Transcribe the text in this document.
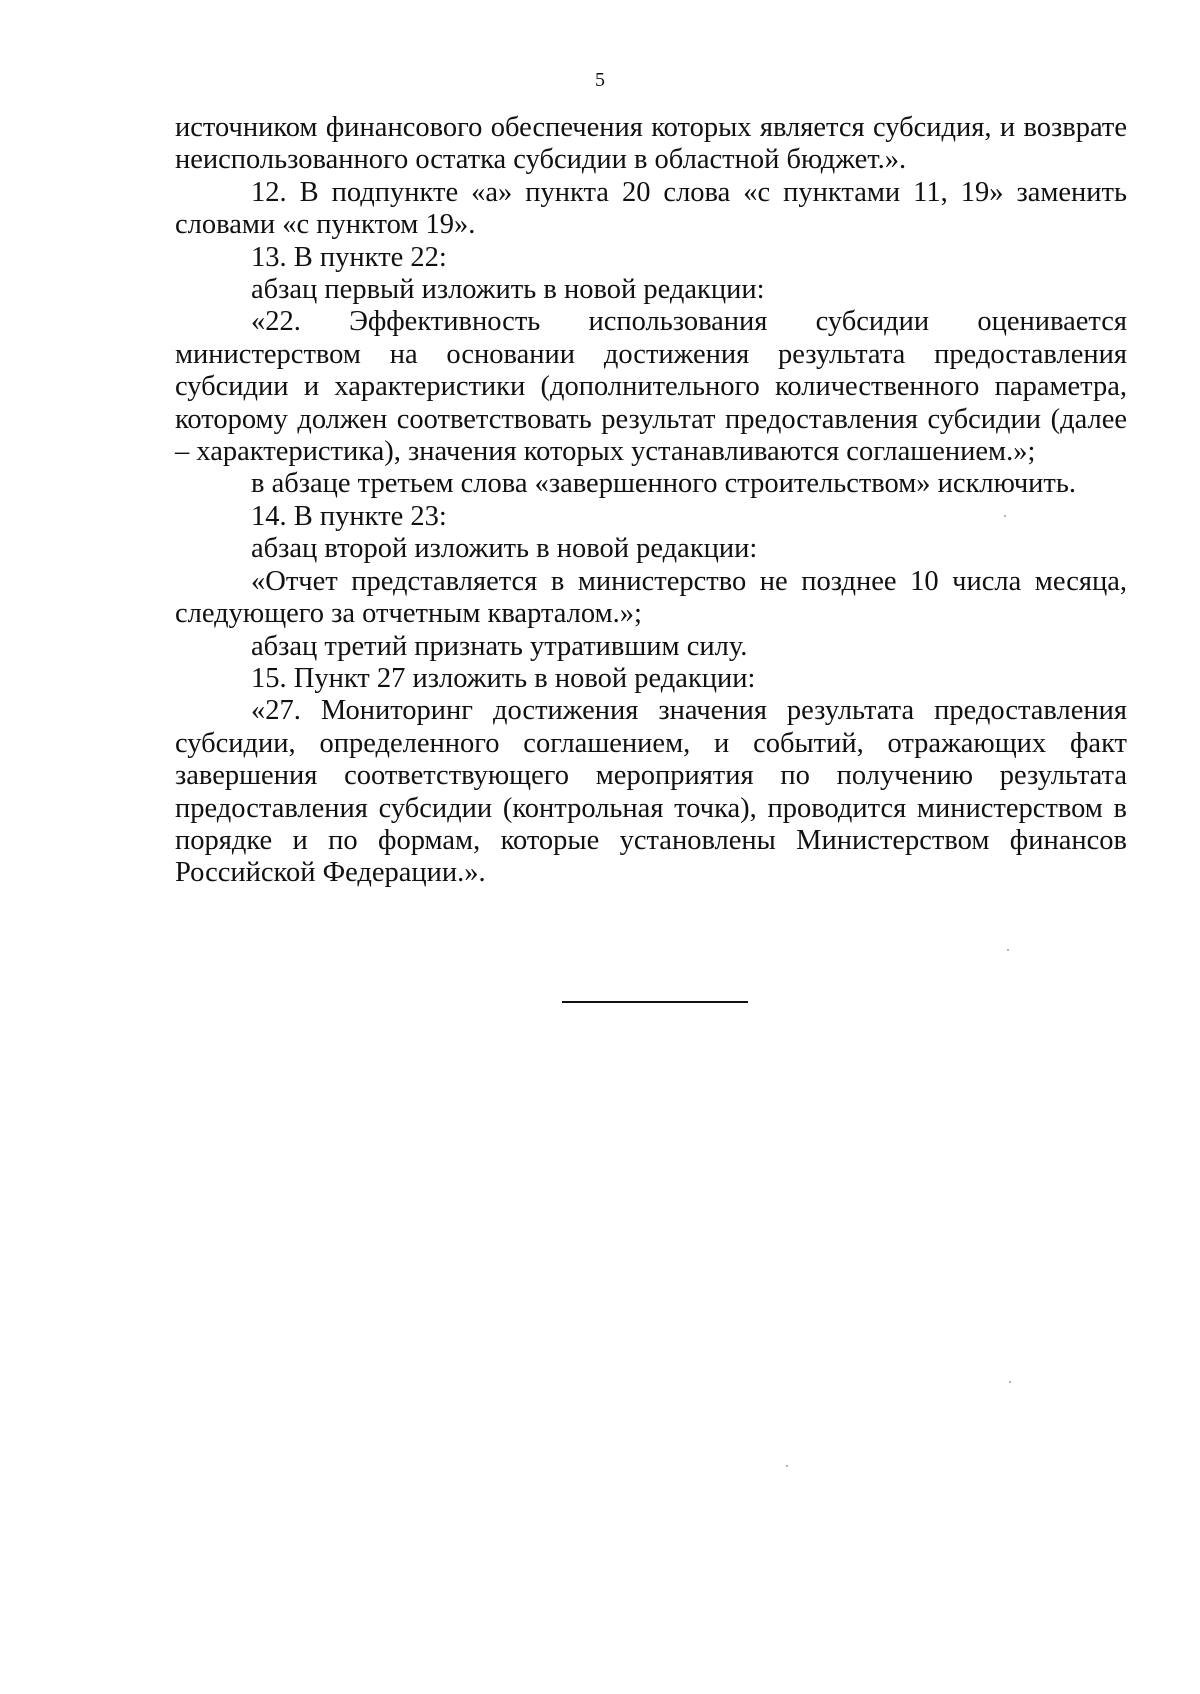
5

источником финансового обеспечения которых является субсидия, и возврате неиспользованного остатка субсидии в областной бюджет.».

12. В подпункте «а» пункта 20 слова «с пунктами 11, 19» заменить словами «с пунктом 19».

13. В пункте 22:

абзац первый изложить в новой редакции:

«22. Эффективность использования субсидии оценивается министерством на основании достижения результата предоставления субсидии и характеристики (дополнительного количественного параметра, которому должен соответствовать результат предоставления субсидии (далее – характеристика), значения которых устанавливаются соглашением.»;

в абзаце третьем слова «завершенного строительством» исключить.

14. В пункте 23:

абзац второй изложить в новой редакции:

«Отчет представляется в министерство не позднее 10 числа месяца, следующего за отчетным кварталом.»;

абзац третий признать утратившим силу.

15. Пункт 27 изложить в новой редакции:

«27. Мониторинг достижения значения результата предоставления субсидии, определенного соглашением, и событий, отражающих факт завершения соответствующего мероприятия по получению результата предоставления субсидии (контрольная точка), проводится министерством в порядке и по формам, которые установлены Министерством финансов Российской Федерации.».
